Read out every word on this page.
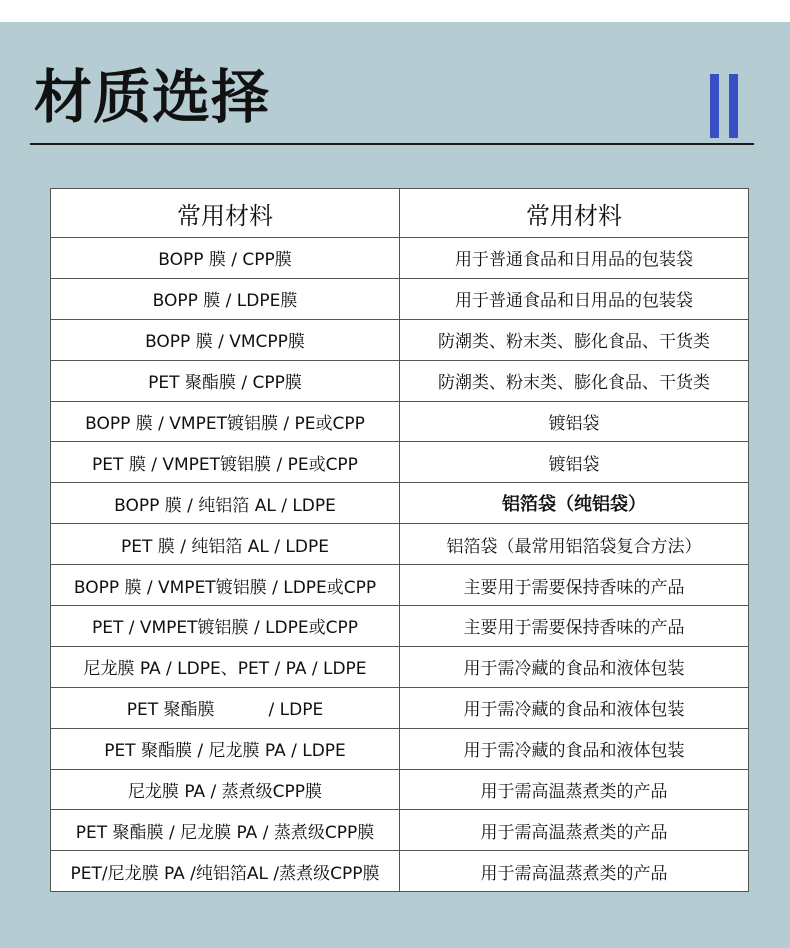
材质选择
常用材料	常用材料
BOPP 膜 / CPP膜	用于普通食品和日用品的包装袋
BOPP 膜 / LDPE膜	用于普通食品和日用品的包装袋
BOPP 膜 / VMCPP膜	防潮类、粉末类、膨化食品、干货类
PET 聚酯膜 / CPP膜	防潮类、粉末类、膨化食品、干货类
BOPP 膜 / VMPET镀铝膜 / PE或CPP	镀铝袋
PET 膜 / VMPET镀铝膜 / PE或CPP	镀铝袋
BOPP 膜 / 纯铝箔 AL / LDPE	铝箔袋（纯铝袋）
PET 膜 / 纯铝箔 AL / LDPE	铝箔袋（最常用铝箔袋复合方法）
BOPP 膜 / VMPET镀铝膜 / LDPE或CPP	主要用于需要保持香味的产品
PET / VMPET镀铝膜 / LDPE或CPP	主要用于需要保持香味的产品
尼龙膜 PA / LDPE、PET / PA / LDPE	用于需冷藏的食品和液体包装
PET 聚酯膜          / LDPE	用于需冷藏的食品和液体包装
PET 聚酯膜 / 尼龙膜 PA / LDPE	用于需冷藏的食品和液体包装
尼龙膜 PA / 蒸煮级CPP膜	用于需高温蒸煮类的产品
PET 聚酯膜 / 尼龙膜 PA / 蒸煮级CPP膜	用于需高温蒸煮类的产品
PET/尼龙膜 PA /纯铝箔AL /蒸煮级CPP膜	用于需高温蒸煮类的产品
